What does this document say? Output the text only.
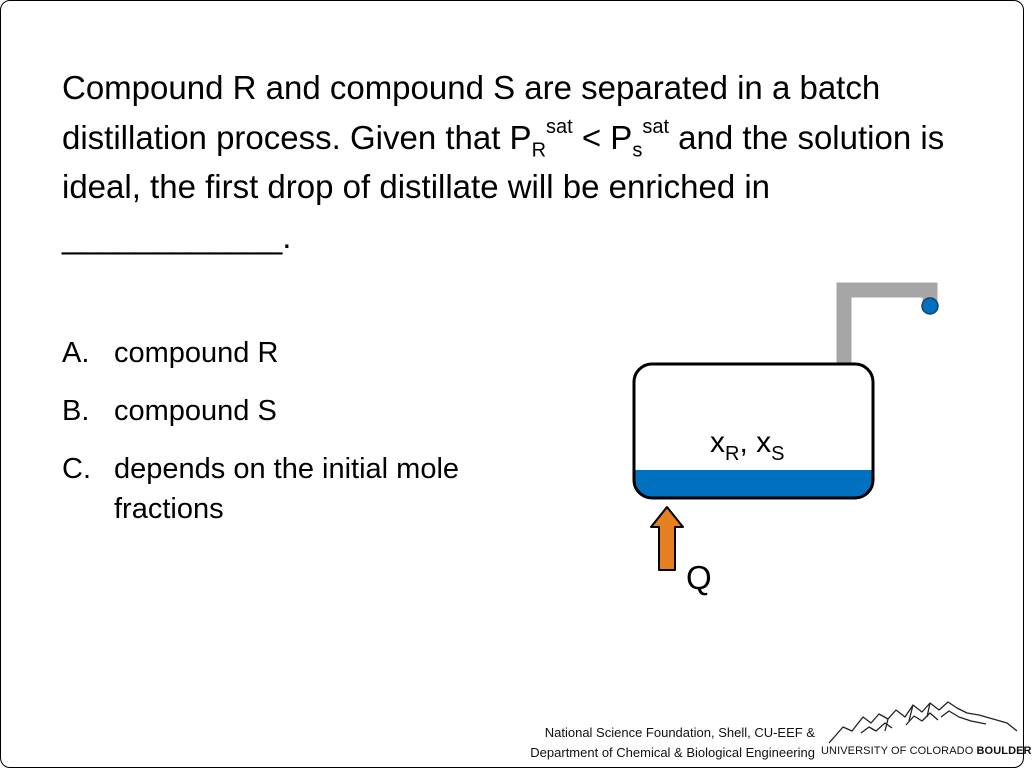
Compound R and compound S are separated in a batch distillation process. Given that $P_R^{sat} < P_s^{sat}$ and the solution is ideal, the first drop of distillate will be enriched in ____________.

A. compound R
B. compound S
C. depends on the initial mole fractions
$x_R$, $x_S$
Q
National Science Foundation, Shell, CU-EEF &
Department of Chemical & Biological Engineering UNIVERSITY OF COLORADO BOULDER
